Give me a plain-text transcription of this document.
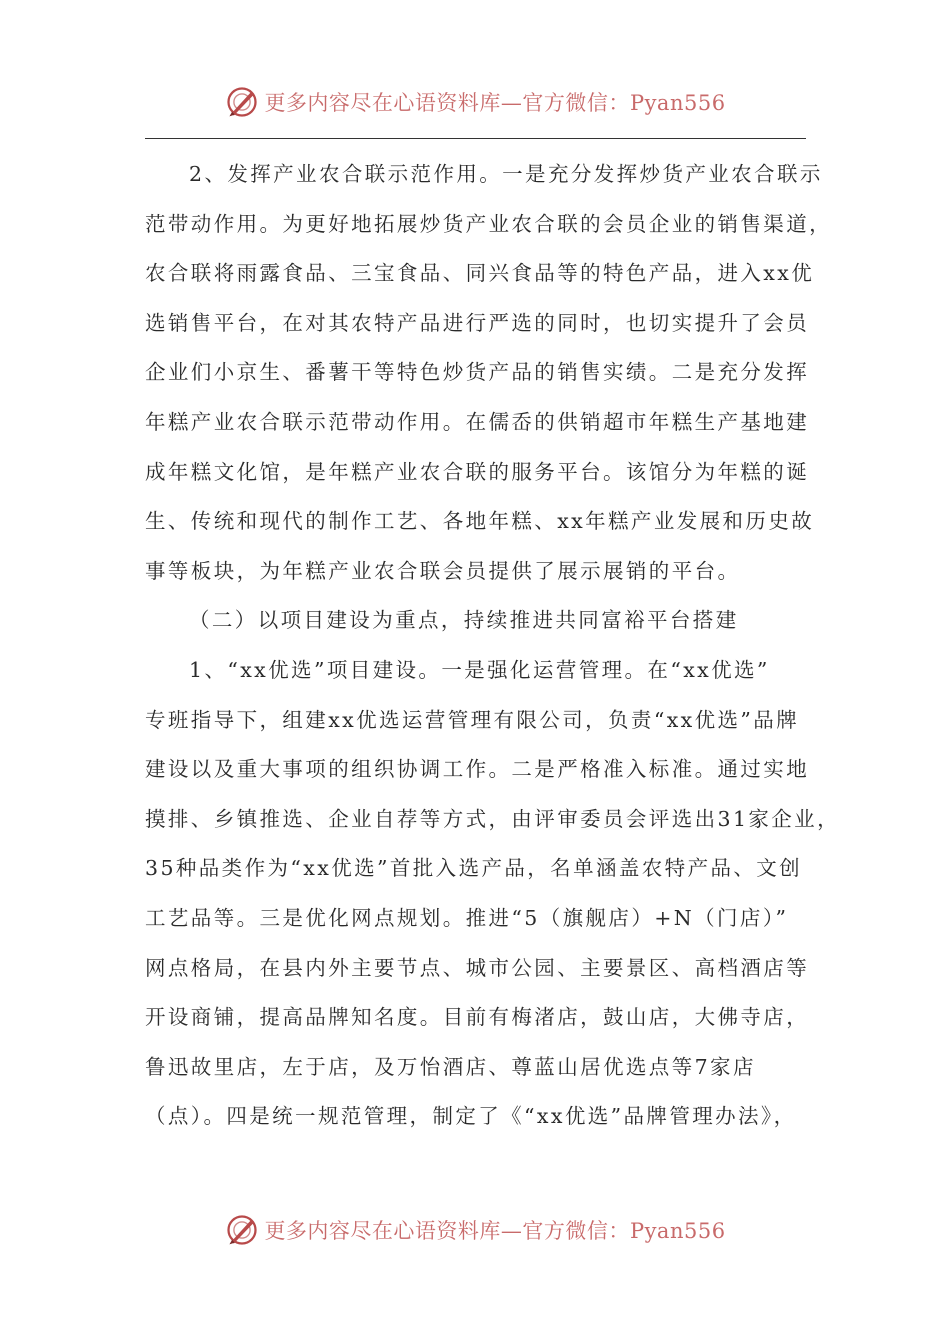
更多内容尽在心语资料库—官方微信：Pyan556
2、发挥产业农合联示范作用。一是充分发挥炒货产业农合联示
范带动作用。为更好地拓展炒货产业农合联的会员企业的销售渠道，
农合联将雨露食品、三宝食品、同兴食品等的特色产品，进入xx优
选销售平台，在对其农特产品进行严选的同时，也切实提升了会员
企业们小京生、番薯干等特色炒货产品的销售实绩。二是充分发挥
年糕产业农合联示范带动作用。在儒岙的供销超市年糕生产基地建
成年糕文化馆，是年糕产业农合联的服务平台。该馆分为年糕的诞
生、传统和现代的制作工艺、各地年糕、xx年糕产业发展和历史故
事等板块，为年糕产业农合联会员提供了展示展销的平台。
（二）以项目建设为重点，持续推进共同富裕平台搭建
1、“xx优选”项目建设。一是强化运营管理。在“xx优选”
专班指导下，组建xx优选运营管理有限公司，负责“xx优选”品牌
建设以及重大事项的组织协调工作。二是严格准入标准。通过实地
摸排、乡镇推选、企业自荐等方式，由评审委员会评选出31家企业，
35种品类作为“xx优选”首批入选产品，名单涵盖农特产品、文创
工艺品等。三是优化网点规划。推进“5（旗舰店）+N（门店）”
网点格局，在县内外主要节点、城市公园、主要景区、高档酒店等
开设商铺，提高品牌知名度。目前有梅渚店，鼓山店，大佛寺店，
鲁迅故里店，左于店，及万怡酒店、尊蓝山居优选点等7家店
（点）。四是统一规范管理，制定了《“xx优选”品牌管理办法》，
更多内容尽在心语资料库—官方微信：Pyan556
